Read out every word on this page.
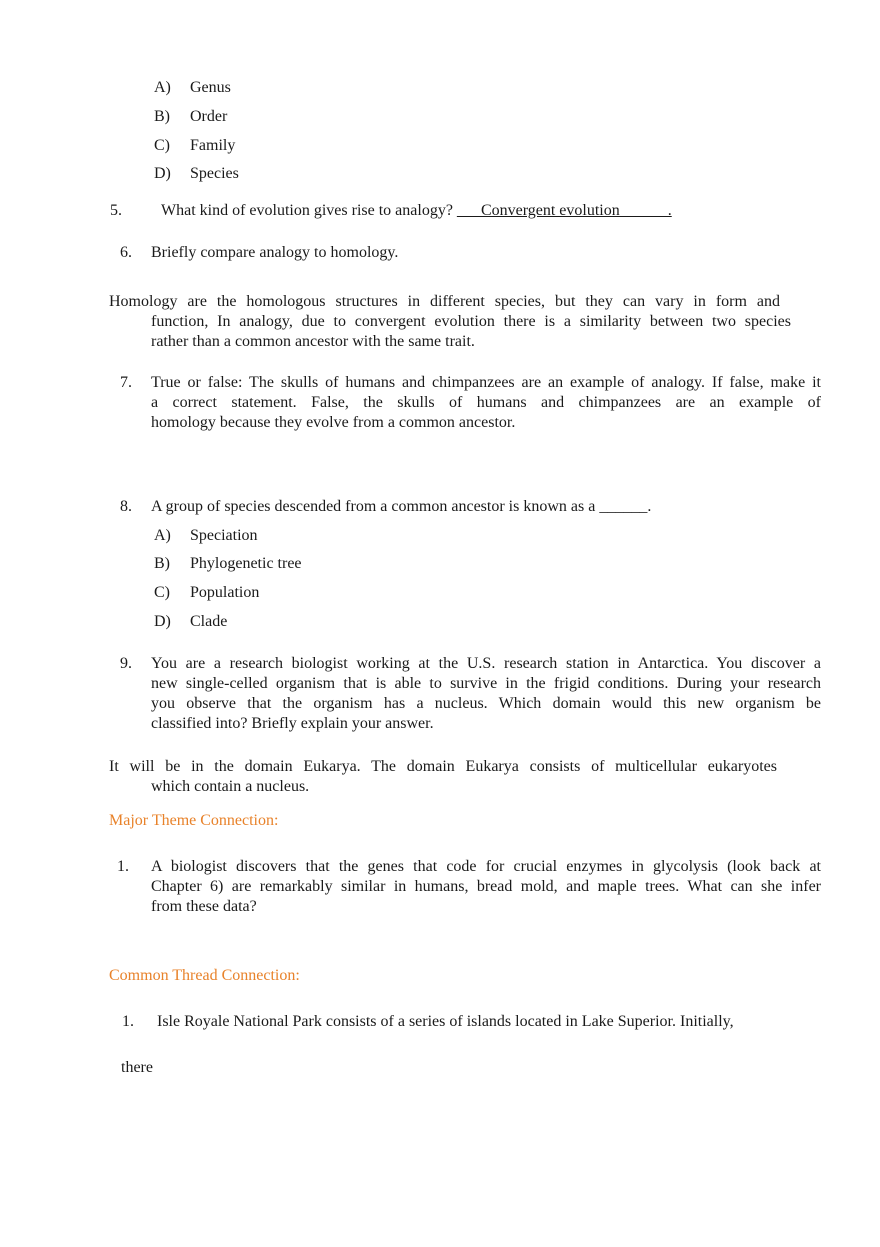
A) Genus
B) Order
C) Family
D) Species
5. What kind of evolution gives rise to analogy? ___Convergent evolution______.
6. Briefly compare analogy to homology.
Homology are the homologous structures in different species, but they can vary in form and
function, In analogy, due to convergent evolution there is a similarity between two species
rather than a common ancestor with the same trait.
7. True or false: The skulls of humans and chimpanzees are an example of analogy. If false, make it
a correct statement. False, the skulls of humans and chimpanzees are an example of
homology because they evolve from a common ancestor.
8. A group of species descended from a common ancestor is known as a ______.
A) Speciation
B) Phylogenetic tree
C) Population
D) Clade
9. You are a research biologist working at the U.S. research station in Antarctica. You discover a
new single-celled organism that is able to survive in the frigid conditions. During your research
you observe that the organism has a nucleus. Which domain would this new organism be
classified into? Briefly explain your answer.
It will be in the domain Eukarya. The domain Eukarya consists of multicellular eukaryotes
which contain a nucleus.
Major Theme Connection:
1. A biologist discovers that the genes that code for crucial enzymes in glycolysis (look back at
Chapter 6) are remarkably similar in humans, bread mold, and maple trees. What can she infer
from these data?
Common Thread Connection:
1. Isle Royale National Park consists of a series of islands located in Lake Superior. Initially,
there
